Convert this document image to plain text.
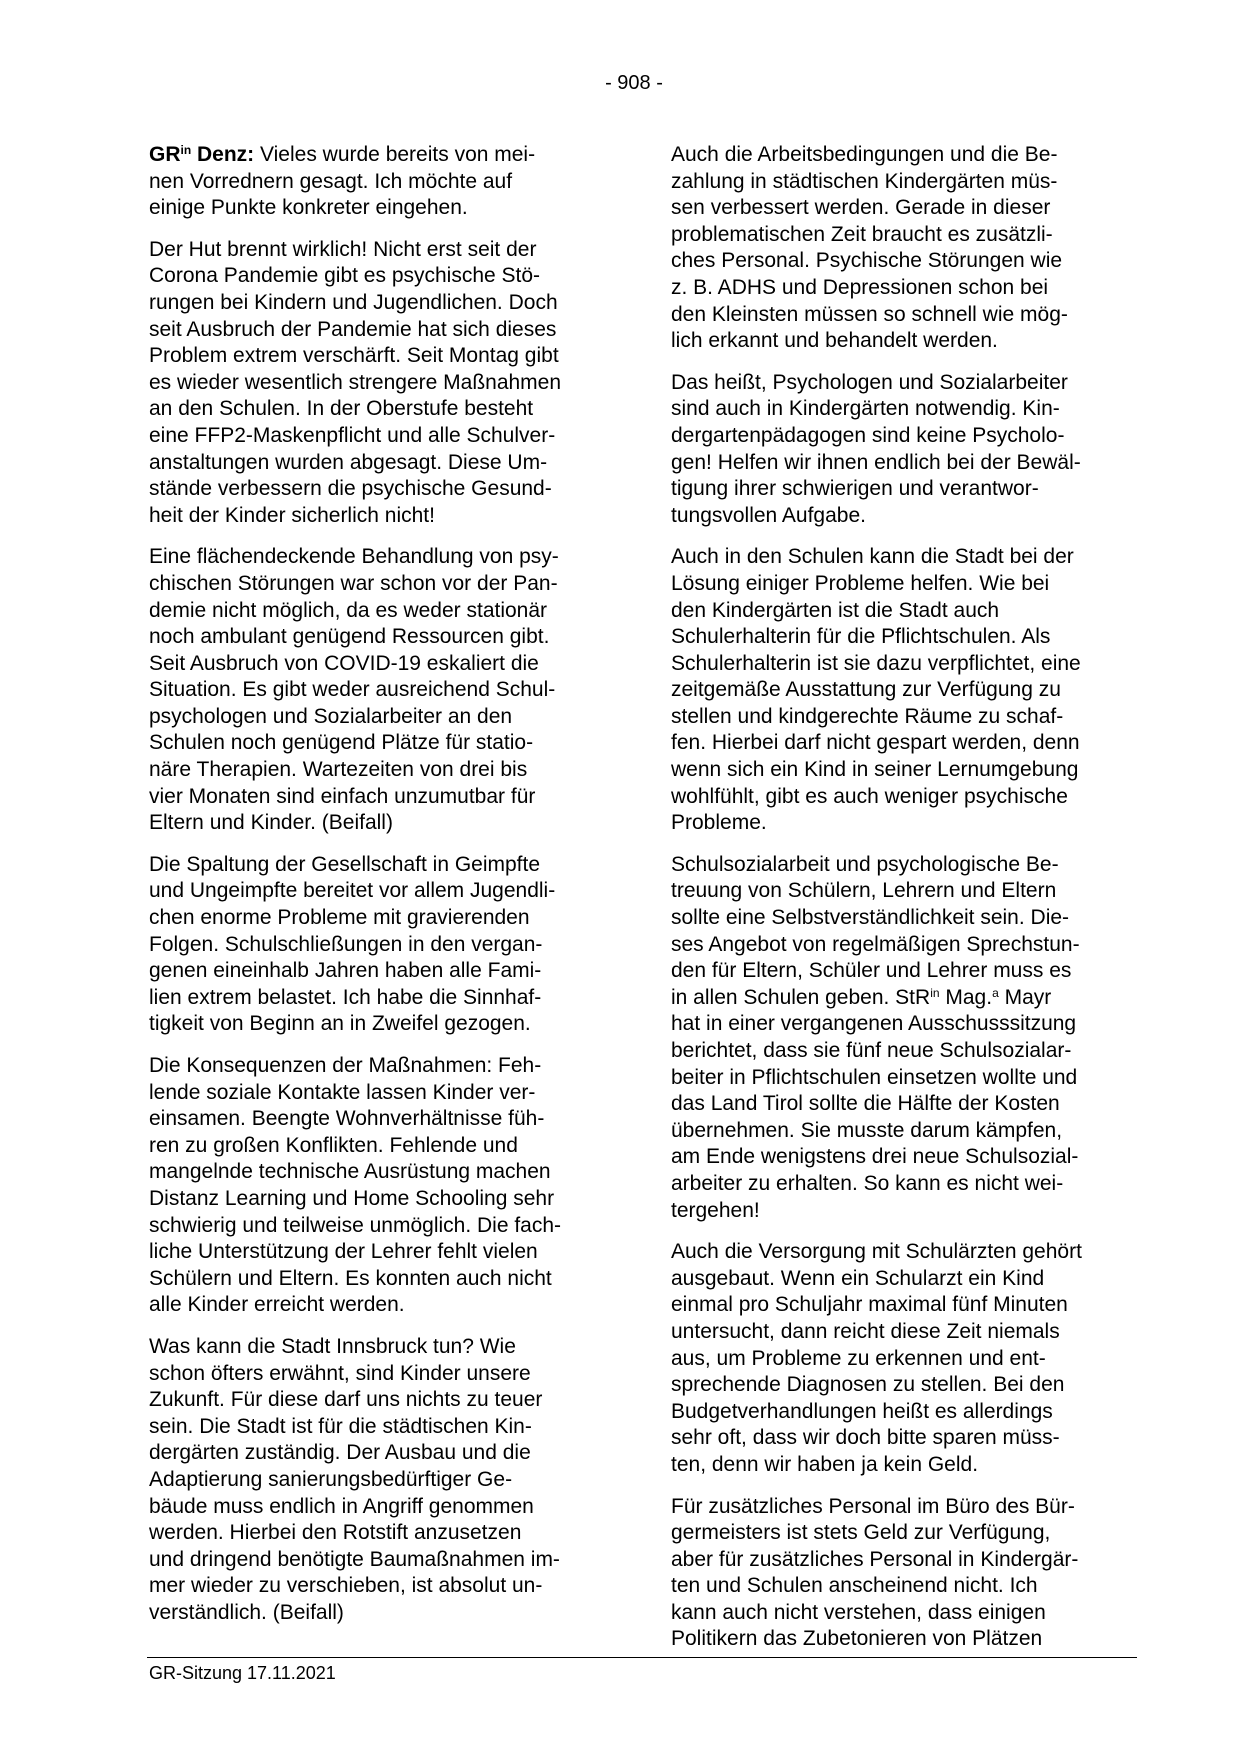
- 908 -
$GR^{in}$ Denz: Vieles wurde bereits von mei-
nen Vorrednern gesagt. Ich möchte auf
einige Punkte konkreter eingehen.
Der Hut brennt wirklich! Nicht erst seit der
Corona Pandemie gibt es psychische Stö-
rungen bei Kindern und Jugendlichen. Doch
seit Ausbruch der Pandemie hat sich dieses
Problem extrem verschärft. Seit Montag gibt
es wieder wesentlich strengere Maßnahmen
an den Schulen. In der Oberstufe besteht
eine FFP2-Maskenpflicht und alle Schulver-
anstaltungen wurden abgesagt. Diese Um-
stände verbessern die psychische Gesund-
heit der Kinder sicherlich nicht!
Eine flächendeckende Behandlung von psy-
chischen Störungen war schon vor der Pan-
demie nicht möglich, da es weder stationär
noch ambulant genügend Ressourcen gibt.
Seit Ausbruch von COVID-19 eskaliert die
Situation. Es gibt weder ausreichend Schul-
psychologen und Sozialarbeiter an den
Schulen noch genügend Plätze für statio-
näre Therapien. Wartezeiten von drei bis
vier Monaten sind einfach unzumutbar für
Eltern und Kinder. (Beifall)
Die Spaltung der Gesellschaft in Geimpfte
und Ungeimpfte bereitet vor allem Jugendli-
chen enorme Probleme mit gravierenden
Folgen. Schulschließungen in den vergan-
genen eineinhalb Jahren haben alle Fami-
lien extrem belastet. Ich habe die Sinnhaf-
tigkeit von Beginn an in Zweifel gezogen.
Die Konsequenzen der Maßnahmen: Feh-
lende soziale Kontakte lassen Kinder ver-
einsamen. Beengte Wohnverhältnisse füh-
ren zu großen Konflikten. Fehlende und
mangelnde technische Ausrüstung machen
Distanz Learning und Home Schooling sehr
schwierig und teilweise unmöglich. Die fach-
liche Unterstützung der Lehrer fehlt vielen
Schülern und Eltern. Es konnten auch nicht
alle Kinder erreicht werden.
Was kann die Stadt Innsbruck tun? Wie
schon öfters erwähnt, sind Kinder unsere
Zukunft. Für diese darf uns nichts zu teuer
sein. Die Stadt ist für die städtischen Kin-
dergärten zuständig. Der Ausbau und die
Adaptierung sanierungsbedürftiger Ge-
bäude muss endlich in Angriff genommen
werden. Hierbei den Rotstift anzusetzen
und dringend benötigte Baumaßnahmen im-
mer wieder zu verschieben, ist absolut un-
verständlich. (Beifall)
Auch die Arbeitsbedingungen und die Be-
zahlung in städtischen Kindergärten müs-
sen verbessert werden. Gerade in dieser
problematischen Zeit braucht es zusätzli-
ches Personal. Psychische Störungen wie
z. B. ADHS und Depressionen schon bei
den Kleinsten müssen so schnell wie mög-
lich erkannt und behandelt werden.
Das heißt, Psychologen und Sozialarbeiter
sind auch in Kindergärten notwendig. Kin-
dergartenpädagogen sind keine Psycholo-
gen! Helfen wir ihnen endlich bei der Bewäl-
tigung ihrer schwierigen und verantwor-
tungsvollen Aufgabe.
Auch in den Schulen kann die Stadt bei der
Lösung einiger Probleme helfen. Wie bei
den Kindergärten ist die Stadt auch
Schulerhalterin für die Pflichtschulen. Als
Schulerhalterin ist sie dazu verpflichtet, eine
zeitgemäße Ausstattung zur Verfügung zu
stellen und kindgerechte Räume zu schaf-
fen. Hierbei darf nicht gespart werden, denn
wenn sich ein Kind in seiner Lernumgebung
wohlfühlt, gibt es auch weniger psychische
Probleme.
Schulsozialarbeit und psychologische Be-
treuung von Schülern, Lehrern und Eltern
sollte eine Selbstverständlichkeit sein. Die-
ses Angebot von regelmäßigen Sprechstun-
den für Eltern, Schüler und Lehrer muss es
in allen Schulen geben. StR$^{in}$ Mag.$^a$ Mayr
hat in einer vergangenen Ausschusssitzung
berichtet, dass sie fünf neue Schulsozialar-
beiter in Pflichtschulen einsetzen wollte und
das Land Tirol sollte die Hälfte der Kosten
übernehmen. Sie musste darum kämpfen,
am Ende wenigstens drei neue Schulsozial-
arbeiter zu erhalten. So kann es nicht wei-
tergehen!
Auch die Versorgung mit Schulärzten gehört
ausgebaut. Wenn ein Schularzt ein Kind
einmal pro Schuljahr maximal fünf Minuten
untersucht, dann reicht diese Zeit niemals
aus, um Probleme zu erkennen und ent-
sprechende Diagnosen zu stellen. Bei den
Budgetverhandlungen heißt es allerdings
sehr oft, dass wir doch bitte sparen müss-
ten, denn wir haben ja kein Geld.
Für zusätzliches Personal im Büro des Bür-
germeisters ist stets Geld zur Verfügung,
aber für zusätzliches Personal in Kindergär-
ten und Schulen anscheinend nicht. Ich
kann auch nicht verstehen, dass einigen
Politikern das Zubetonieren von Plätzen
GR-Sitzung 17.11.2021
